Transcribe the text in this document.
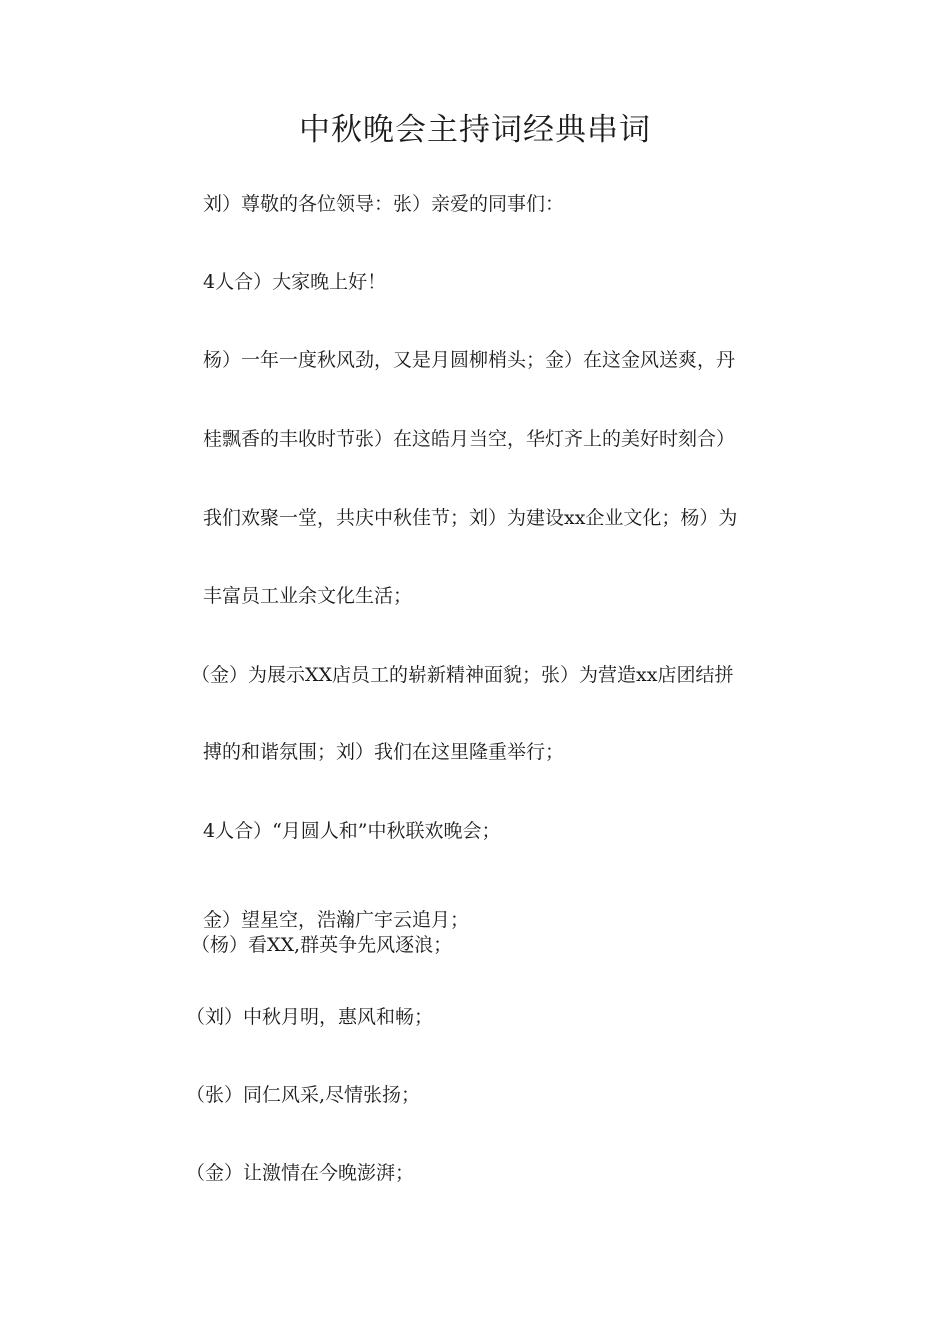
中秋晚会主持词经典串词
刘）尊敬的各位领导：张）亲爱的同事们：
4人合）大家晚上好！
杨）一年一度秋风劲，又是月圆柳梢头；金）在这金风送爽，丹
桂飘香的丰收时节张）在这皓月当空，华灯齐上的美好时刻合）
我们欢聚一堂，共庆中秋佳节；刘）为建设xx企业文化；杨）为
丰富员工业余文化生活；
（金）为展示XX店员工的崭新精神面貌；张）为营造xx店团结拼
搏的和谐氛围；刘）我们在这里隆重举行；
4人合）“月圆人和”中秋联欢晚会；
金）望星空，浩瀚广宇云追月；
（杨）看XX,群英争先风逐浪；
（刘）中秋月明，惠风和畅；
（张）同仁风采,尽情张扬；
（金）让激情在今晚澎湃；
